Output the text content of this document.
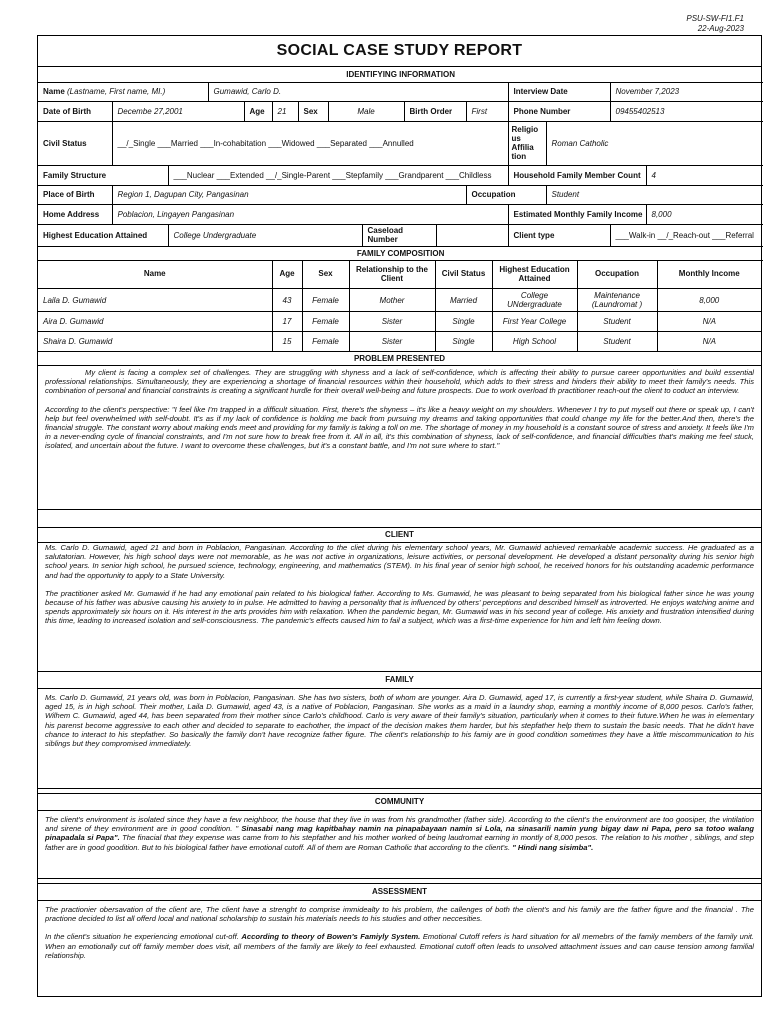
PSU-SW-FI1.F1
22-Aug-2023
SOCIAL CASE STUDY REPORT
IDENTIFYING INFORMATION															
Name (Lastname, First name, MI.)			Gumawid, Carlo D.									Interview Date		November 7,2023	
Date of Birth	Decembe 27,2001			Age	21	Sex	Male		Birth Order		First	Phone Number		09455402513	
Civil Status	__/_Single ___Married ___In-cohabitation ___Widowed ___Separated ___Annulled											Religio us Affilia tion	Roman Catholic		
Family Structure		___Nuclear ___Extended __/_Single-Parent ___Stepfamily ___Grandparent ___Childless										Household Family Member Count			4
Place of Birth	Region 1, Dagupan City, Pangasinan										Occupation		Student		
Home Address	Poblacion, Lingayen Pangasinan											Estimated Monthly Family Income			8,000
Highest Education Attained		College Undergraduate						Caseload Number				Client type		___Walk-in __/_Reach-out ___Referral	
FAMILY COMPOSITION															
Name	Age	Sex	Relationship to the Client	Civil Status	Highest Education Attained	Occupation	Monthly Income
Laila D. Gumawid	43	Female	Mother	Married	College UNdergraduate	Maintenance (Laundromat )	8,000
Aira D. Gumawid	17	Female	Sister	Single	First Year College	Student	N/A
Shaira D. Gumawid	15	Female	Sister	Single	High School	Student	N/A
PROBLEM PRESENTED

My client is facing a complex set of challenges. They are struggling with shyness and a lack of self-confidence, which is affecting their ability to pursue career opportunities and build essential professional relationships. Simultaneously, they are experiencing a shortage of financial resources within their household, which adds to their stress and hinders their ability to meet their family's needs. This combination of personal and financial constraints is creating a significant hurdle for their overall well-being and future prospects. Due to work overload th practitioner reach-out the client to coduct an interview.

According to the client's perspective: "I feel like I'm trapped in a difficult situation. First, there's the shyness – it's like a heavy weight on my shoulders. Whenever I try to put myself out there or speak up, I can't help but feel overwhelmed with self-doubt. It's as if my lack of confidence is holding me back from pursuing my dreams and taking opportunities that could change my life for the better.And then, there's the financial struggle. The constant worry about making ends meet and providing for my family is taking a toll on me. The shortage of money in my household is a constant source of stress and anxiety. It feels like I'm in a never-ending cycle of financial constraints, and I'm not sure how to break free from it. All in all, it's this combination of shyness, lack of self-confidence, and financial difficulties that's making me feel stuck, isolated, and uncertain about the future. I want to overcome these challenges, but it's a constant battle, and I'm not sure where to start."

CLIENT

Ms. Carlo D. Gumawid, aged 21 and born in Poblacion, Pangasinan. According to the cliet during his elementary school years, Mr. Gumawid achieved remarkable academic success. He graduated as a salutatorian. However, his high school days were not memorable, as he was not active in organizations, leisure activities, or personal development. He developed a distant personality during his senior high school years. In senior high school, he pursued science, technology, engineering, and mathematics (STEM). In his final year of senior high school, he received honors for his outstanding academic performance and had the opportunity to apply to a State University.

The practitioner asked Mr. Gumawid if he had any emotional pain related to his biological father. According to Ms. Gumawid, he was pleasant to being separated from his biological father since he was young because of his father was abusive causing his anxiety to in pulse. He admitted to having a personality that is influenced by others' perceptions and described himself as introverted. He enjoys watching anime and spends approximately six hours on it. His interest in the arts provides him with relaxation. When the pandemic began, Mr. Gumawid was in his second year of college. His anxiety and frustration intensified during this time, leading to increased isolation and self-consciousness. The pandemic's effects caused him to fail a subject, which was a first-time experience for him and left him feeling down.

FAMILY

Ms. Carlo D. Gumawid, 21 years old, was born in Poblacion, Pangasinan. She has two sisters, both of whom are younger. Aira D. Gumawid, aged 17, is currently a first-year student, while Shaira D. Gumawid, aged 15, is in high school. Their mother, Laila D. Gumawid, aged 43, is a native of Poblacion, Pangasinan. She works as a maid in a laundry shop, earning a monthly income of 8,000 pesos. Carlo's father, Wilhem C. Gumawid, aged 44, has been separated from their mother since Carlo's childhood. Carlo is very aware of their family's situation, particularly when it comes to their future.When he was in elementary his parenst become aggressive to each other and decided to separate to eachother, the impact of the decision makes them harder, but his stepfather help them to sustain the basic needs. That he didn't have chance to interact to his stepfather. So basically the family don't have recognize father figure. The client's relationship to his famiy are in good condition sometimes they have a little miscommunication to his siblings but they compromised immediately.

COMMUNITY

The client's environment is isolated since they have a few neighboor, the house that they live in was from his grandmother (father side). According to the client's the environment are too goosiper, the vintilation and sirene of they environment are in good condition. " Sinasabi nang mag kapitbahay namin na pinapabayaan namin si Lola, na sinasarili namin yung bigay daw ni Papa, pero sa totoo walang pinapadala si Papa". The finacial that they expense was came from to his stepfather and his mother worked of being laudromat earning in montly of 8,000 pesos. The relation to his mother , siblings, and step father are in good goodition. But to his biological father have emotional cutoff. All of them are Roman Catholic that according to the client's. " Hindi nang sisimba".

ASSESSMENT

The practionier obersavation of the client are, The client have a strenght to comprise immidealty to his problem, the callenges of both the client's and his family are the father figure and the financial . The practione decided to list all offerd local and national scholarship to sustain his materials needs to his studies and other neccesities.

In the client's situation he experiencing emotional cut-off. According to theory of Bowen's Famiyly System. Emotional Cutoff refers is hard situation for all memebrs of the family members of the family unit. When an emotionally cut off family member does visit, all members of the family are likely to feel exhausted. Emotional cutoff often leads to unsolved attachment issues and can cause tension among familial relationship.
